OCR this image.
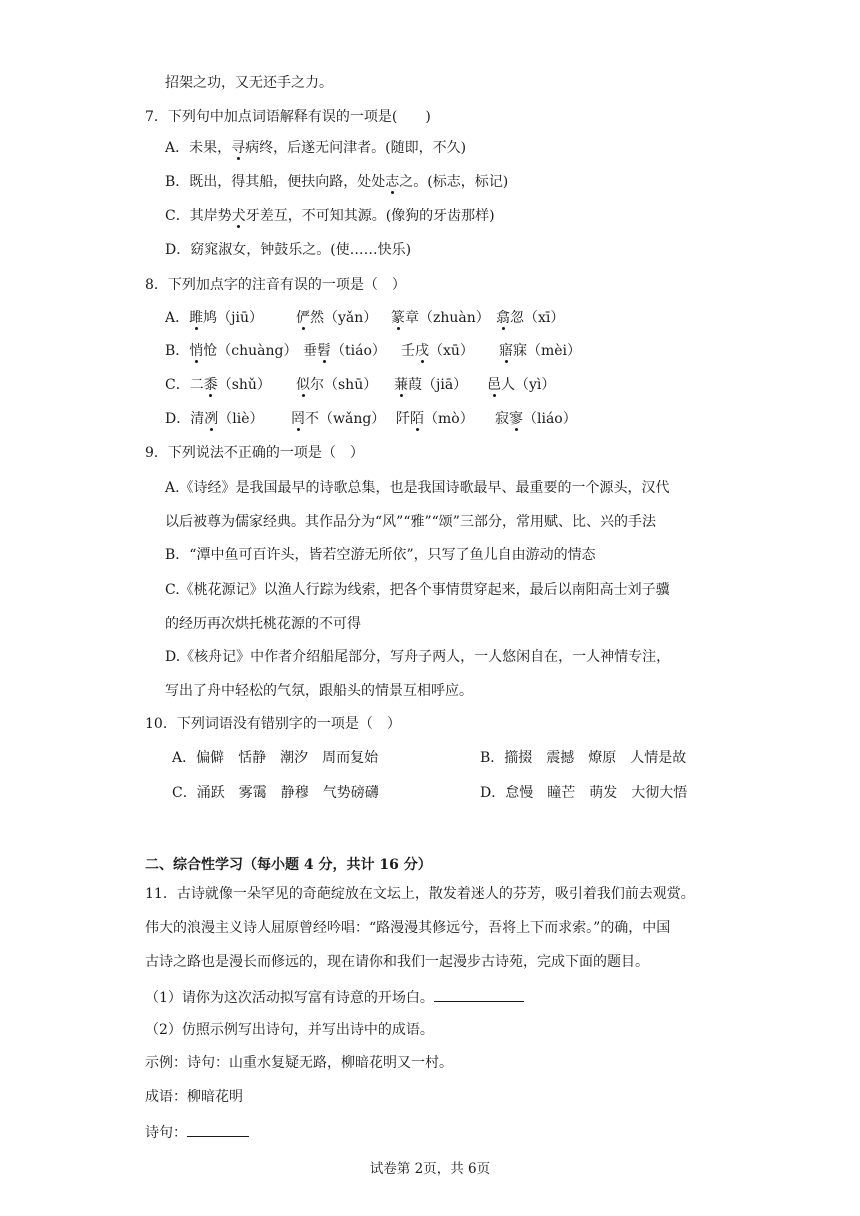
招架之功，又无还手之力。
7．下列句中加点词语解释有误的一项是(　　)
A．未果，寻病终，后遂无问津者。(随即，不久)
B．既出，得其船，便扶向路，处处志之。(标志，标记)
C．其岸势犬牙差互，不可知其源。(像狗的牙齿那样)
D．窈窕淑女，钟鼓乐之。(使……快乐)
8．下列加点字的注音有误的一项是（　）
A．雎鸠（jiū） 俨然（yǎn） 篆章（zhuàn） 翕忽（xī）
B．悄怆（chuàng） 垂髫（tiáo） 壬戌（xū） 寤寐（mèi）
C．二黍（shǔ） 似尔（shū） 蒹葭（jiā） 邑人（yì）
D．清冽（liè） 罔不（wǎng） 阡陌（mò） 寂寥（liáo）
9．下列说法不正确的一项是（　）
A.《诗经》是我国最早的诗歌总集，也是我国诗歌最早、最重要的一个源头，汉代
以后被尊为儒家经典。其作品分为“风”“雅”“颂”三部分，常用赋、比、兴的手法
B．“潭中鱼可百许头，皆若空游无所依”，只写了鱼儿自由游动的情态
C.《桃花源记》以渔人行踪为线索，把各个事情贯穿起来，最后以南阳高士刘子骥
的经历再次烘托桃花源的不可得
D.《核舟记》中作者介绍船尾部分，写舟子两人，一人悠闲自在，一人神情专注，
写出了舟中轻松的气氛，跟船头的情景互相呼应。
10．下列词语没有错别字的一项是（　）
A．偏僻　恬静　潮汐　周而复始	B．擶掇　震撼　燎原　人情是故
C．涌跃　雾霭　静穆　气势磅礴	D．怠慢　瞳芒　萌发　大彻大悟
二、综合性学习（每小题 4 分，共计 16 分）
11．古诗就像一朵罕见的奇葩绽放在文坛上，散发着迷人的芬芳，吸引着我们前去观赏。
伟大的浪漫主义诗人屈原曾经吟唱：“路漫漫其修远兮，吾将上下而求索。”的确，中国
古诗之路也是漫长而修远的，现在请你和我们一起漫步古诗苑，完成下面的题目。
（1）请你为这次活动拟写富有诗意的开场白。
（2）仿照示例写出诗句，并写出诗中的成语。
示例：诗句：山重水复疑无路，柳暗花明又一村。
成语：柳暗花明
诗句：
试卷第 2页，共 6页
